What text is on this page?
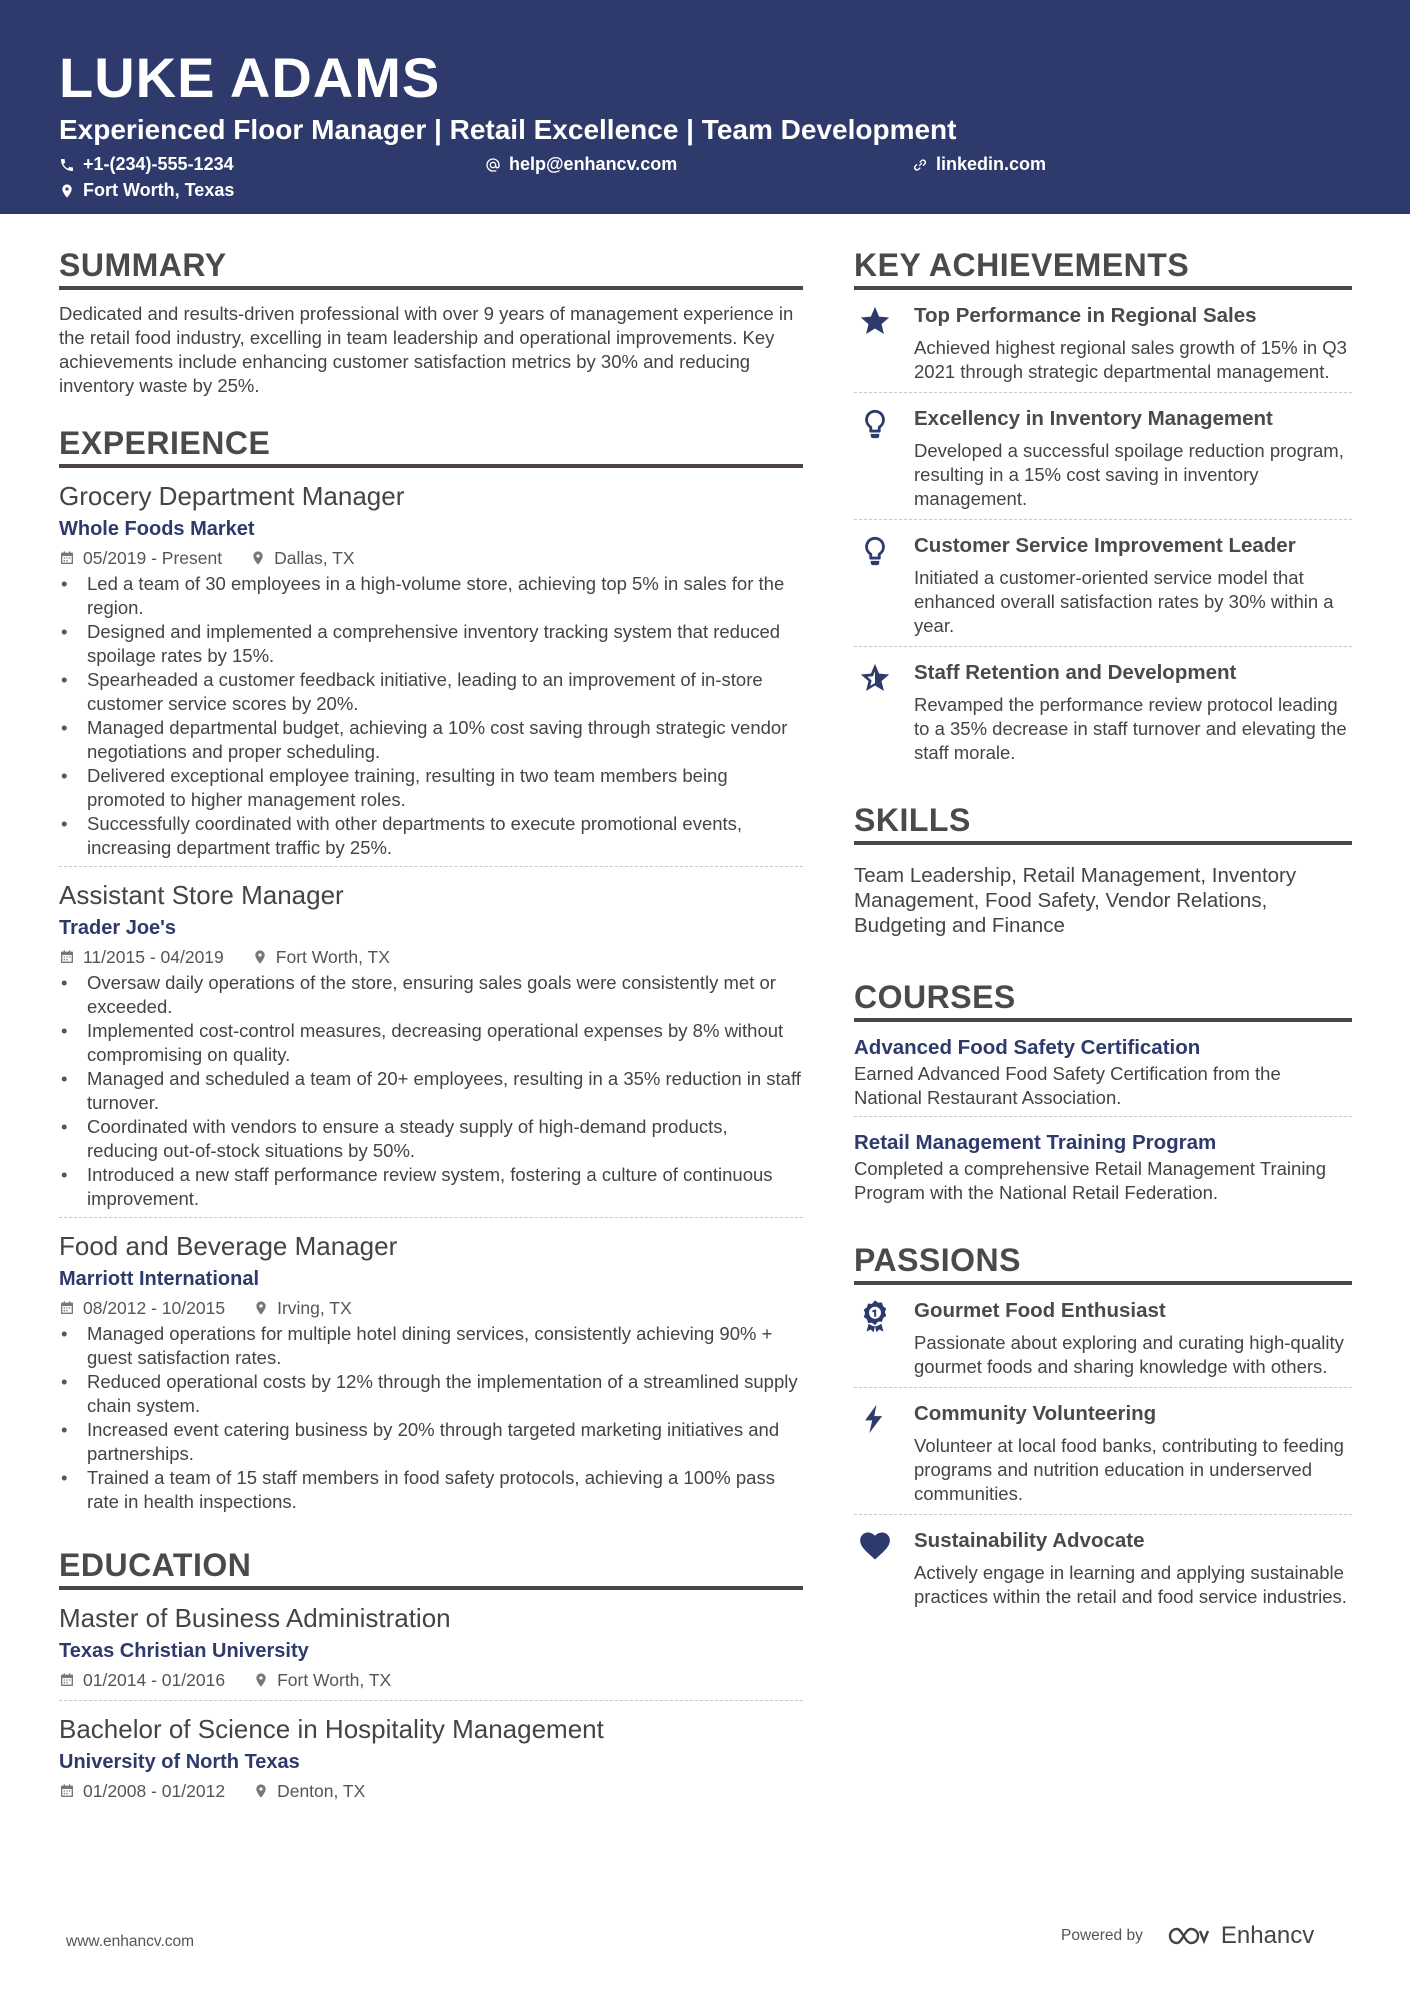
LUKE ADAMS
Experienced Floor Manager | Retail Excellence | Team Development
+1-(234)-555-1234	help@enhancv.com	linkedin.com
Fort Worth, Texas
SUMMARY

Dedicated and results-driven professional with over 9 years of management experience in the retail food industry, excelling in team leadership and operational improvements. Key achievements include enhancing customer satisfaction metrics by 30% and reducing inventory waste by 25%.

EXPERIENCE
Grocery Department Manager
Whole Foods Market
05/2019 - Present	Dallas, TX
• Led a team of 30 employees in a high-volume store, achieving top 5% in sales for the region.
• Designed and implemented a comprehensive inventory tracking system that reduced spoilage rates by 15%.
• Spearheaded a customer feedback initiative, leading to an improvement of in-store customer service scores by 20%.
• Managed departmental budget, achieving a 10% cost saving through strategic vendor negotiations and proper scheduling.
• Delivered exceptional employee training, resulting in two team members being promoted to higher management roles.
• Successfully coordinated with other departments to execute promotional events, increasing department traffic by 25%.
Assistant Store Manager
Trader Joe's
11/2015 - 04/2019	Fort Worth, TX
• Oversaw daily operations of the store, ensuring sales goals were consistently met or exceeded.
• Implemented cost-control measures, decreasing operational expenses by 8% without compromising on quality.
• Managed and scheduled a team of 20+ employees, resulting in a 35% reduction in staff turnover.
• Coordinated with vendors to ensure a steady supply of high-demand products, reducing out-of-stock situations by 50%.
• Introduced a new staff performance review system, fostering a culture of continuous improvement.
Food and Beverage Manager
Marriott International
08/2012 - 10/2015	Irving, TX
• Managed operations for multiple hotel dining services, consistently achieving 90% + guest satisfaction rates.
• Reduced operational costs by 12% through the implementation of a streamlined supply chain system.
• Increased event catering business by 20% through targeted marketing initiatives and partnerships.
• Trained a team of 15 staff members in food safety protocols, achieving a 100% pass rate in health inspections.
EDUCATION
Master of Business Administration
Texas Christian University
01/2014 - 01/2016	Fort Worth, TX
Bachelor of Science in Hospitality Management
University of North Texas
01/2008 - 01/2012	Denton, TX
KEY ACHIEVEMENTS
Top Performance in Regional Sales
Achieved highest regional sales growth of 15% in Q3 2021 through strategic departmental management.
Excellency in Inventory Management
Developed a successful spoilage reduction program, resulting in a 15% cost saving in inventory management.
Customer Service Improvement Leader
Initiated a customer-oriented service model that enhanced overall satisfaction rates by 30% within a year.
Staff Retention and Development
Revamped the performance review protocol leading to a 35% decrease in staff turnover and elevating the staff morale.
SKILLS
Team Leadership, Retail Management, Inventory Management, Food Safety, Vendor Relations, Budgeting and Finance
COURSES
Advanced Food Safety Certification
Earned Advanced Food Safety Certification from the National Restaurant Association.
Retail Management Training Program
Completed a comprehensive Retail Management Training Program with the National Retail Federation.
PASSIONS
Gourmet Food Enthusiast
Passionate about exploring and curating high-quality gourmet foods and sharing knowledge with others.
Community Volunteering
Volunteer at local food banks, contributing to feeding programs and nutrition education in underserved communities.
Sustainability Advocate
Actively engage in learning and applying sustainable practices within the retail and food service industries.
www.enhancv.com	Powered by	Enhancv
